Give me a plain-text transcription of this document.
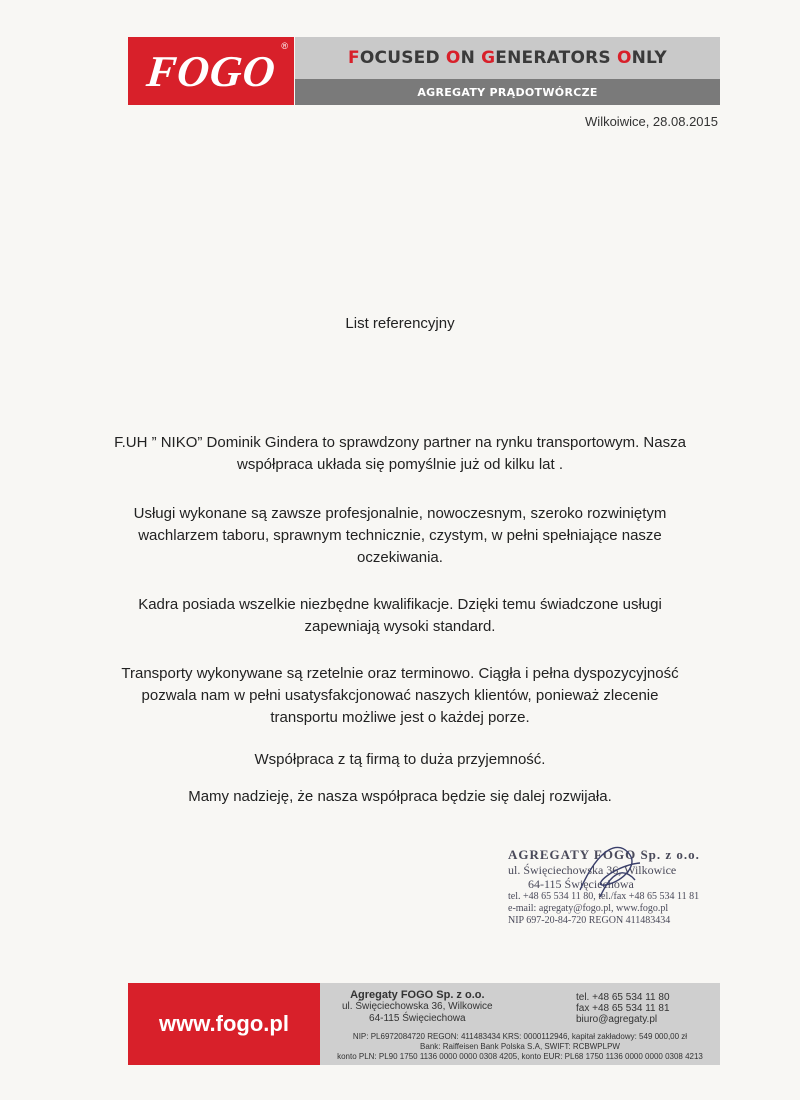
FOGO
®
FOCUSED ON GENERATORS ONLY
AGREGATY PRĄDOTWÓRCZE
Wilkoiwice, 28.08.2015
List referencyjny

F.UH ” NIKO” Dominik Gindera to sprawdzony partner na rynku transportowym. Nasza współpraca układa się pomyślnie już od kilku lat .

Usługi wykonane są zawsze profesjonalnie, nowoczesnym, szeroko rozwiniętym wachlarzem taboru, sprawnym technicznie, czystym, w pełni spełniające nasze oczekiwania.

Kadra posiada wszelkie niezbędne kwalifikacje. Dzięki temu świadczone usługi zapewniają wysoki standard.

Transporty wykonywane są rzetelnie oraz terminowo. Ciągła i pełna dyspozycyjność pozwala nam w pełni usatysfakcjonować naszych klientów, ponieważ zlecenie transportu możliwe jest o każdej porze.

Współpraca z tą firmą to duża przyjemność.

Mamy nadzieję, że nasza współpraca będzie się dalej rozwijała.

AGREGATY FOGO Sp. z o.o.
ul. Święciechowska 36, Wilkowice
64-115 Święciechowa
tel. +48 65 534 11 80, tel./fax +48 65 534 11 81
e-mail: agregaty@fogo.pl, www.fogo.pl
NIP 697-20-84-720 REGON 411483434
www.fogo.pl
Agregaty FOGO Sp. z o.o.
ul. Święciechowska 36, Wilkowice
64-115 Święciechowa
tel. +48 65 534 11 80
fax +48 65 534 11 81
biuro@agregaty.pl
NIP: PL6972084720 REGON: 411483434 KRS: 0000112946, kapitał zakładowy: 549 000,00 zł
Bank: Raiffeisen Bank Polska S.A, SWIFT: RCBWPLPW
konto PLN: PL90 1750 1136 0000 0000 0308 4205, konto EUR: PL68 1750 1136 0000 0000 0308 4213
